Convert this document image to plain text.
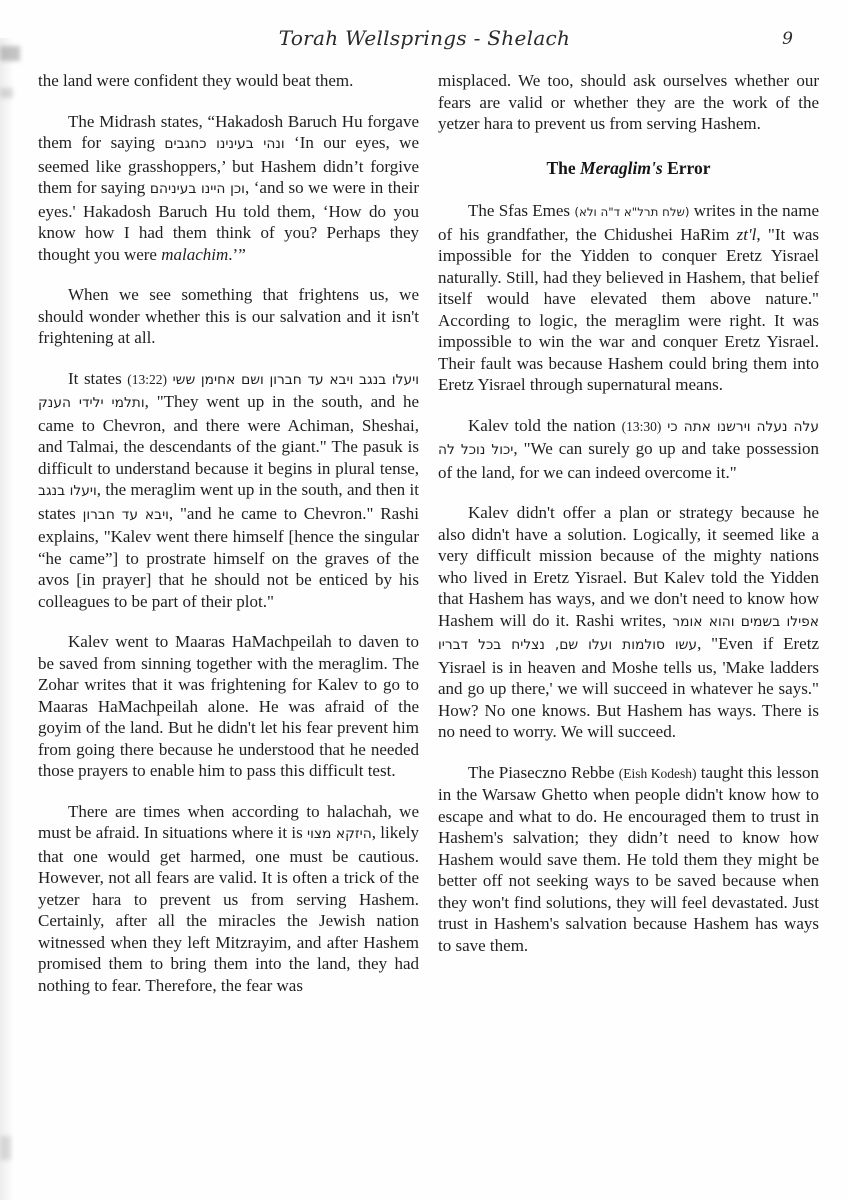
Torah Wellsprings - Shelach	9

the land were confident they would beat them.

The Midrash states, “Hakadosh Baruch Hu forgave them for saying ונהי בעינינו כחגבים ‘In our eyes, we seemed like grasshoppers,’ but Hashem didn’t forgive them for saying וכן היינו בעיניהם, ‘and so we were in their eyes.' Hakadosh Baruch Hu told them, ‘How do you know how I had them think of you? Perhaps they thought you were malachim.’”

When we see something that frightens us, we should wonder whether this is our salvation and it isn't frightening at all.

It states (13:22) ויעלו בנגב ויבא עד חברון ושם אחימן ששי ותלמי ילידי הענק, "They went up in the south, and he came to Chevron, and there were Achiman, Sheshai, and Talmai, the descendants of the giant." The pasuk is difficult to understand because it begins in plural tense, ויעלו בנגב, the meraglim went up in the south, and then it states ויבא עד חברון, "and he came to Chevron." Rashi explains, "Kalev went there himself [hence the singular “he came”] to prostrate himself on the graves of the avos [in prayer] that he should not be enticed by his colleagues to be part of their plot."

Kalev went to Maaras HaMachpeilah to daven to be saved from sinning together with the meraglim. The Zohar writes that it was frightening for Kalev to go to Maaras HaMachpeilah alone. He was afraid of the goyim of the land. But he didn't let his fear prevent him from going there because he understood that he needed those prayers to enable him to pass this difficult test.

There are times when according to halachah, we must be afraid. In situations where it is היזקא מצוי, likely that one would get harmed, one must be cautious. However, not all fears are valid. It is often a trick of the yetzer hara to prevent us from serving Hashem. Certainly, after all the miracles the Jewish nation witnessed when they left Mitzrayim, and after Hashem promised them to bring them into the land, they had nothing to fear. Therefore, the fear was

misplaced. We too, should ask ourselves whether our fears are valid or whether they are the work of the yetzer hara to prevent us from serving Hashem.

The Meraglim's Error

The Sfas Emes (שלח תרל"א ד"ה ולא) writes in the name of his grandfather, the Chidushei HaRim zt'l, "It was impossible for the Yidden to conquer Eretz Yisrael naturally. Still, had they believed in Hashem, that belief itself would have elevated them above nature." According to logic, the meraglim were right. It was impossible to win the war and conquer Eretz Yisrael. Their fault was because Hashem could bring them into Eretz Yisrael through supernatural means.

Kalev told the nation (13:30) עלה נעלה וירשנו אתה כי יכול נוכל לה, "We can surely go up and take possession of the land, for we can indeed overcome it."

Kalev didn't offer a plan or strategy because he also didn't have a solution. Logically, it seemed like a very difficult mission because of the mighty nations who lived in Eretz Yisrael. But Kalev told the Yidden that Hashem has ways, and we don't need to know how Hashem will do it. Rashi writes, אפילו בשמים והוא אומר עשו סולמות ועלו שם, נצליח בכל דבריו, "Even if Eretz Yisrael is in heaven and Moshe tells us, 'Make ladders and go up there,' we will succeed in whatever he says." How? No one knows. But Hashem has ways. There is no need to worry. We will succeed.

The Piaseczno Rebbe (Eish Kodesh) taught this lesson in the Warsaw Ghetto when people didn't know how to escape and what to do. He encouraged them to trust in Hashem's salvation; they didn’t need to know how Hashem would save them. He told them they might be better off not seeking ways to be saved because when they won't find solutions, they will feel devastated. Just trust in Hashem's salvation because Hashem has ways to save them.
